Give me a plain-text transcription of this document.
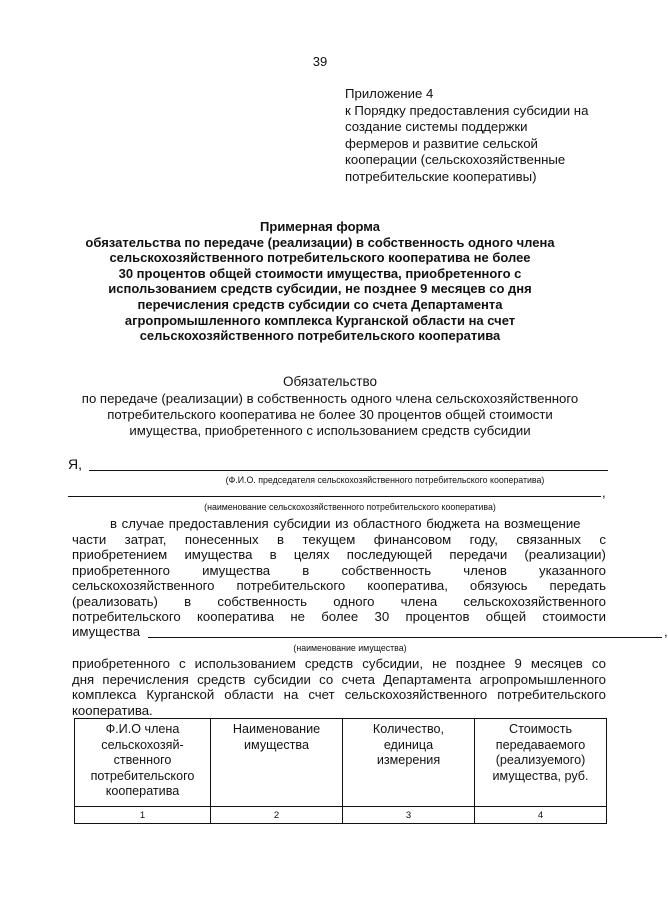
39
Приложение 4
к Порядку предоставления субсидии на
создание системы поддержки
фермеров и развитие сельской
кооперации (сельскохозяйственные
потребительские кооперативы)
Примерная форма
обязательства по передаче (реализации) в собственность одного члена
сельскохозяйственного потребительского кооператива не более
30 процентов общей стоимости имущества, приобретенного с
использованием средств субсидии, не позднее 9 месяцев со дня
перечисления средств субсидии со счета Департамента
агропромышленного комплекса Курганской области на счет
сельскохозяйственного потребительского кооператива
Обязательство
по передаче (реализации) в собственность одного члена сельскохозяйственного
потребительского кооператива не более 30 процентов общей стоимости
имущества, приобретенного с использованием средств субсидии
Я,
(Ф.И.О. председателя сельскохозяйственного потребительского кооператива)
,
(наименование сельскохозяйственного потребительского кооператива)
в случае предоставления субсидии из областного бюджета на возмещение
части затрат, понесенных в текущем финансовом году, связанных с
приобретением имущества в целях последующей передачи (реализации)
приобретенного имущества в собственность членов указанного
сельскохозяйственного потребительского кооператива, обязуюсь передать
(реализовать) в собственность одного члена сельскохозяйственного
потребительского кооператива не более 30 процентов общей стоимости
имущества	,
(наименование имущества)
приобретенного с использованием средств субсидии, не позднее 9 месяцев со
дня перечисления средств субсидии со счета Департамента агропромышленного
комплекса Курганской области на счет сельскохозяйственного потребительского
кооператива.
Ф.И.О члена
сельскохозяй-
ственного
потребительского
кооператива	Наименование
имущества	Количество,
единица
измерения	Стоимость
передаваемого
(реализуемого)
имущества, руб.
1	2	3	4
